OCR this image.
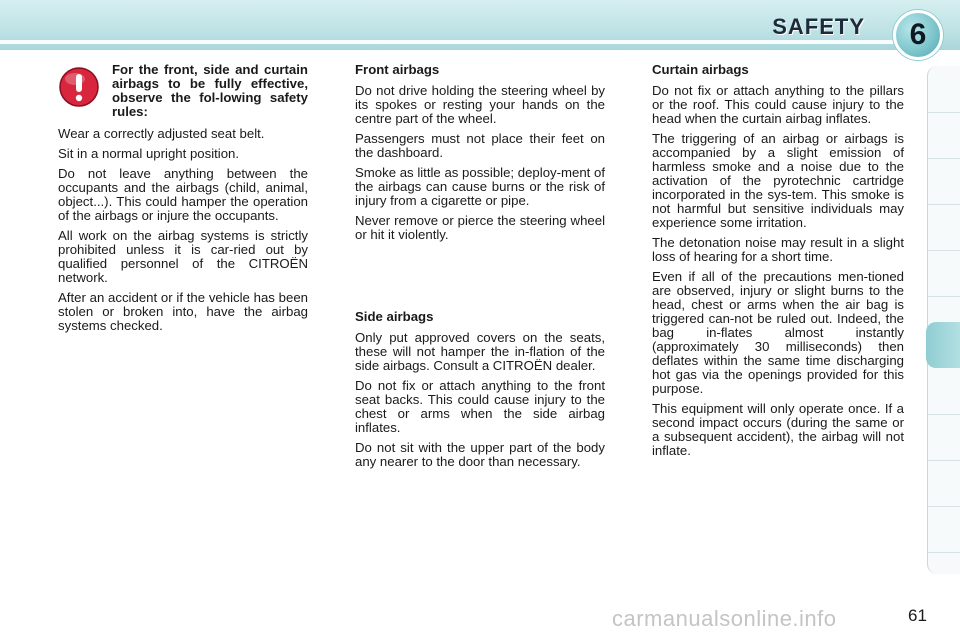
SAFETY	6
For the front, side and curtain airbags to be fully effective, observe the fol-lowing safety rules:

Wear a correctly adjusted seat belt.

Sit in a normal upright position.

Do not leave anything between the occupants and the airbags (child, animal, object...). This could hamper the operation of the airbags or injure the occupants.

All work on the airbag systems is strictly prohibited unless it is car-ried out by qualified personnel of the CITROËN network.

After an accident or if the vehicle has been stolen or broken into, have the airbag systems checked.

Front airbags

Do not drive holding the steering wheel by its spokes or resting your hands on the centre part of the wheel.

Passengers must not place their feet on the dashboard.

Smoke as little as possible; deploy-ment of the airbags can cause burns or the risk of injury from a cigarette or pipe.

Never remove or pierce the steering wheel or hit it violently.

Side airbags

Only put approved covers on the seats, these will not hamper the in-flation of the side airbags. Consult a CITROËN dealer.

Do not fix or attach anything to the front seat backs. This could cause injury to the chest or arms when the side airbag inflates.

Do not sit with the upper part of the body any nearer to the door than necessary.

Curtain airbags

Do not fix or attach anything to the pillars or the roof. This could cause injury to the head when the curtain airbag inflates.

The triggering of an airbag or airbags is accompanied by a slight emission of harmless smoke and a noise due to the activation of the pyrotechnic cartridge incorporated in the sys-tem. This smoke is not harmful but sensitive individuals may experience some irritation.

The detonation noise may result in a slight loss of hearing for a short time.

Even if all of the precautions men-tioned are observed, injury or slight burns to the head, chest or arms when the air bag is triggered can-not be ruled out. Indeed, the bag in-flates almost instantly (approximately 30 milliseconds) then deflates within the same time discharging hot gas via the openings provided for this purpose.

This equipment will only operate once. If a second impact occurs (during the same or a subsequent accident), the airbag will not inflate.

carmanualsonline.info	61
